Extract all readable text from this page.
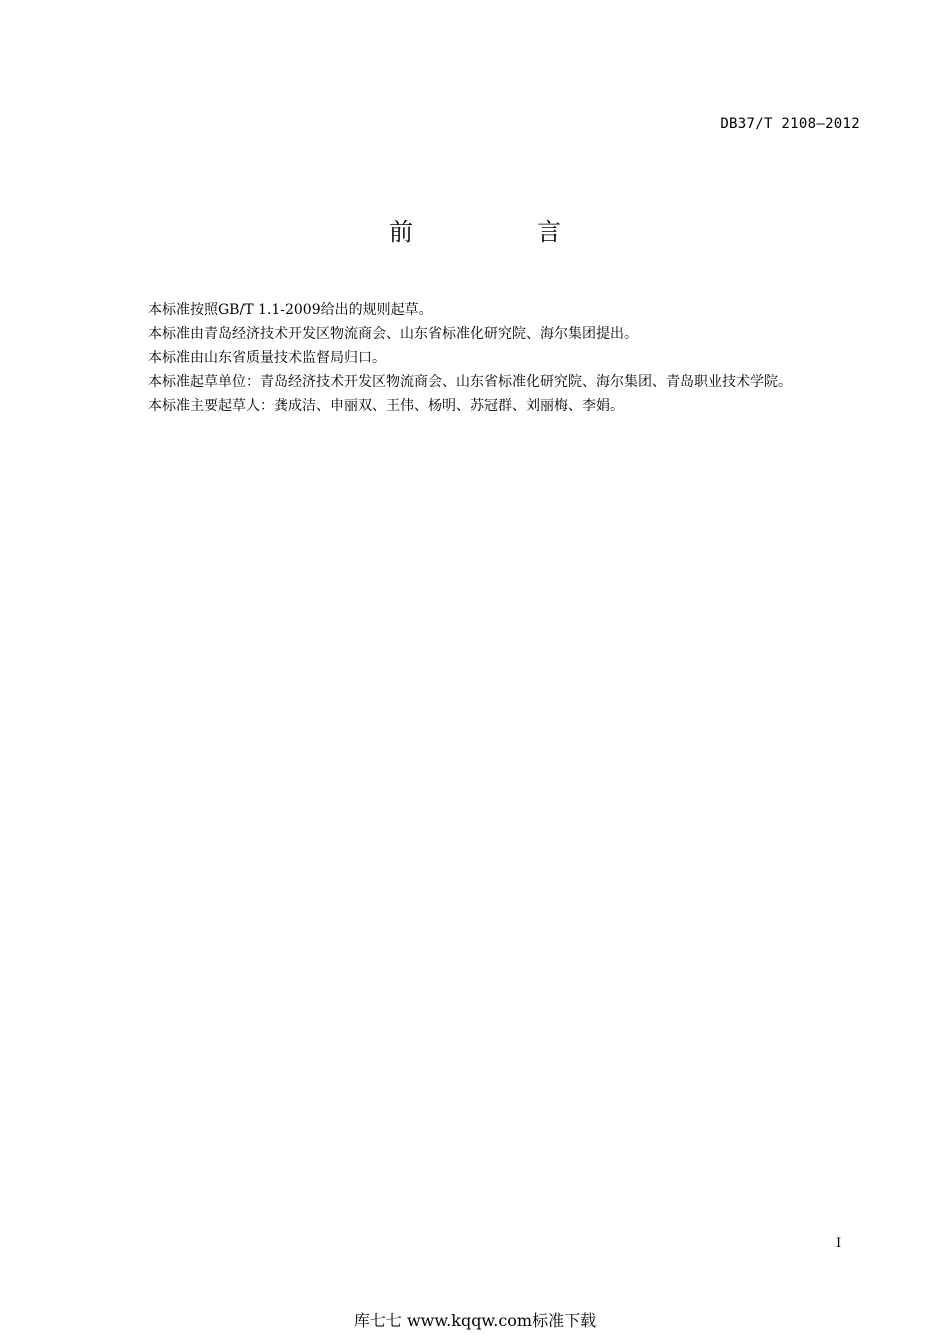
DB37/T 2108—2012
前　言

本标准按照GB/T 1.1-2009给出的规则起草。

本标准由青岛经济技术开发区物流商会、山东省标准化研究院、海尔集团提出。

本标准由山东省质量技术监督局归口。

本标准起草单位：青岛经济技术开发区物流商会、山东省标准化研究院、海尔集团、青岛职业技术学院。

本标准主要起草人：龚成洁、申丽双、王伟、杨明、苏冠群、刘丽梅、李娟。

I
库七七 www.kqqw.com标准下载
